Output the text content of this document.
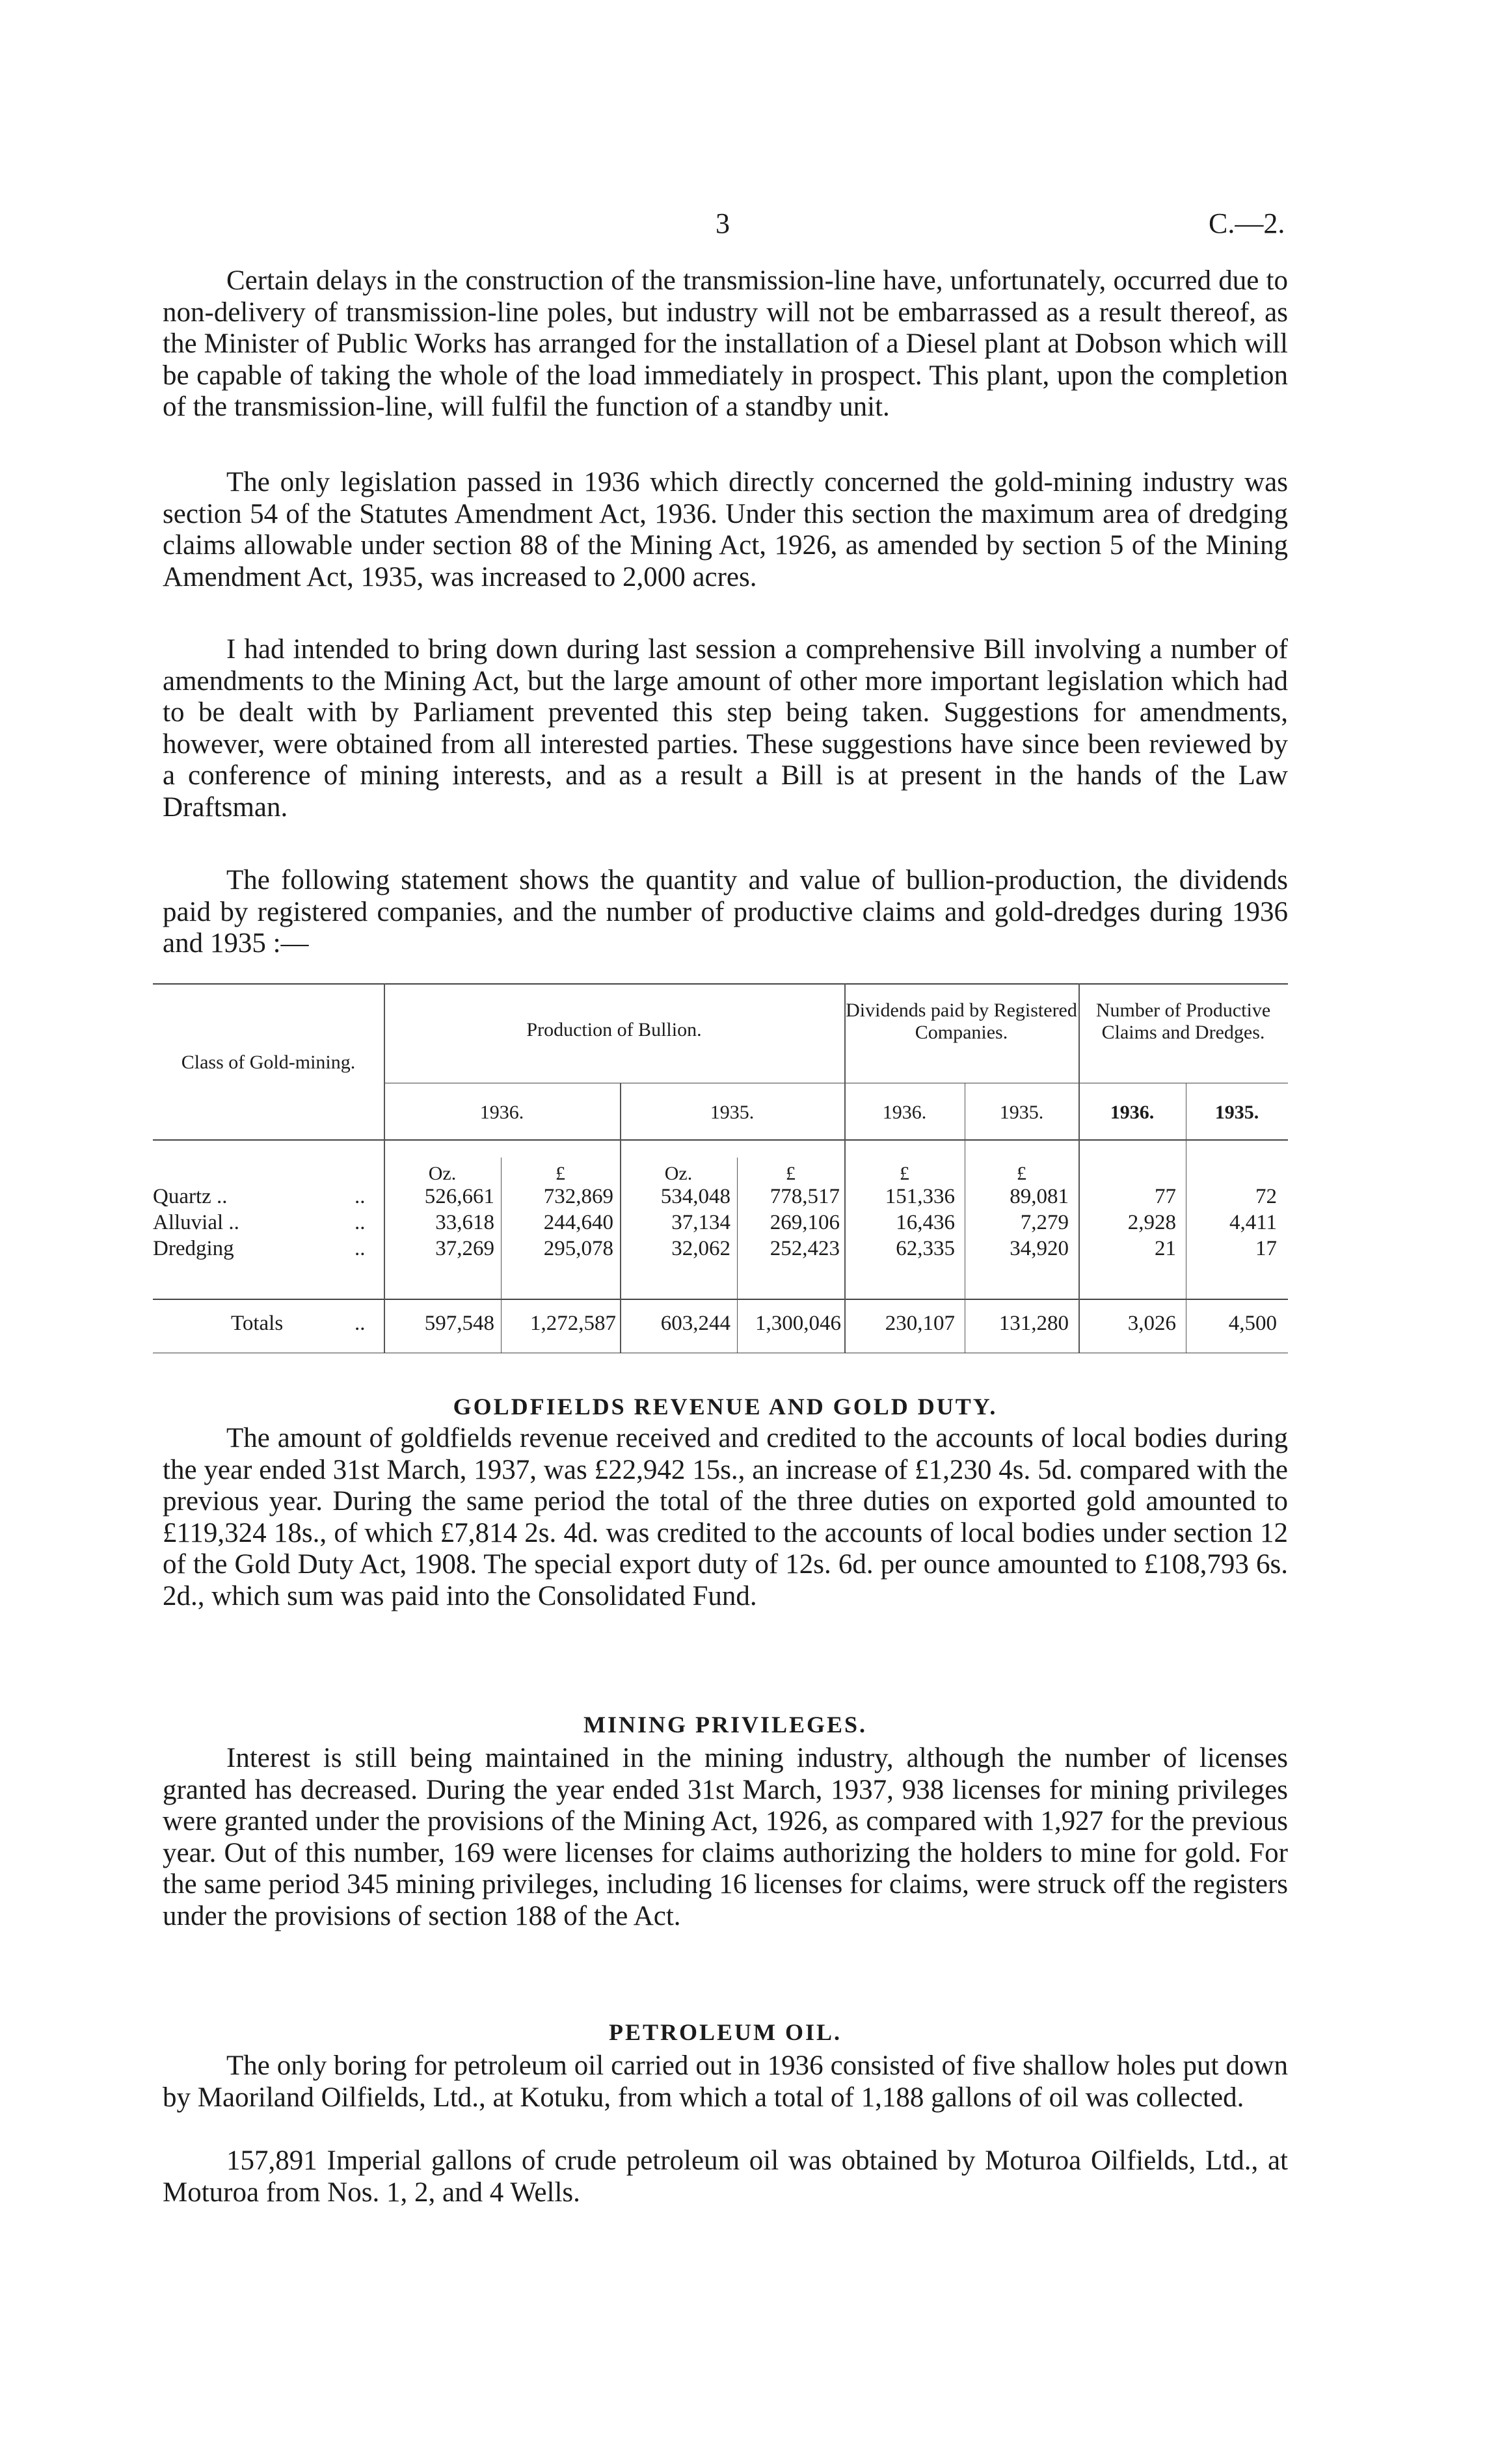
3	C.—2.

Certain delays in the construction of the transmission-line have, unfortunately, occurred due to non-delivery of transmission-line poles, but industry will not be embarrassed as a result thereof, as the Minister of Public Works has arranged for the installation of a Diesel plant at Dobson which will be capable of taking the whole of the load immediately in prospect. This plant, upon the completion of the transmission-line, will fulfil the function of a standby unit.

The only legislation passed in 1936 which directly concerned the gold-mining industry was section 54 of the Statutes Amendment Act, 1936. Under this section the maximum area of dredging claims allowable under section 88 of the Mining Act, 1926, as amended by section 5 of the Mining Amendment Act, 1935, was increased to 2,000 acres.

I had intended to bring down during last session a comprehensive Bill involving a number of amendments to the Mining Act, but the large amount of other more important legislation which had to be dealt with by Parliament prevented this step being taken. Suggestions for amendments, however, were obtained from all interested parties. These suggestions have since been reviewed by a conference of mining interests, and as a result a Bill is at present in the hands of the Law Draftsman.

The following statement shows the quantity and value of bullion-production, the dividends paid by registered companies, and the number of productive claims and gold-dredges during 1936 and 1935 :—

Class of Gold-mining.
Production of Bullion.
Dividends paid by Registered Companies.
Number of Productive Claims and Dredges.
1936.	1935.	1936.	1935.	1936.	1935.
Oz.	£	Oz.	£	£	£
Quartz ..	..	526,661	732,869	534,048	778,517	151,336	89,081	77	72
Alluvial ..	..	33,618	244,640	37,134	269,106	16,436	7,279	2,928	4,411
Dredging	..	37,269	295,078	32,062	252,423	62,335	34,920	21	17
Totals	..	597,548	1,272,587	603,244	1,300,046	230,107	131,280	3,026	4,500
GOLDFIELDS REVENUE AND GOLD DUTY.

The amount of goldfields revenue received and credited to the accounts of local bodies during the year ended 31st March, 1937, was £22,942 15s., an increase of £1,230 4s. 5d. compared with the previous year. During the same period the total of the three duties on exported gold amounted to £119,324 18s., of which £7,814 2s. 4d. was credited to the accounts of local bodies under section 12 of the Gold Duty Act, 1908. The special export duty of 12s. 6d. per ounce amounted to £108,793 6s. 2d., which sum was paid into the Consolidated Fund.

MINING PRIVILEGES.

Interest is still being maintained in the mining industry, although the number of licenses granted has decreased. During the year ended 31st March, 1937, 938 licenses for mining privileges were granted under the provisions of the Mining Act, 1926, as compared with 1,927 for the previous year. Out of this number, 169 were licenses for claims authorizing the holders to mine for gold. For the same period 345 mining privileges, including 16 licenses for claims, were struck off the registers under the provisions of section 188 of the Act.

PETROLEUM OIL.

The only boring for petroleum oil carried out in 1936 consisted of five shallow holes put down by Maoriland Oilfields, Ltd., at Kotuku, from which a total of 1,188 gallons of oil was collected.

157,891 Imperial gallons of crude petroleum oil was obtained by Moturoa Oilfields, Ltd., at Moturoa from Nos. 1, 2, and 4 Wells.
